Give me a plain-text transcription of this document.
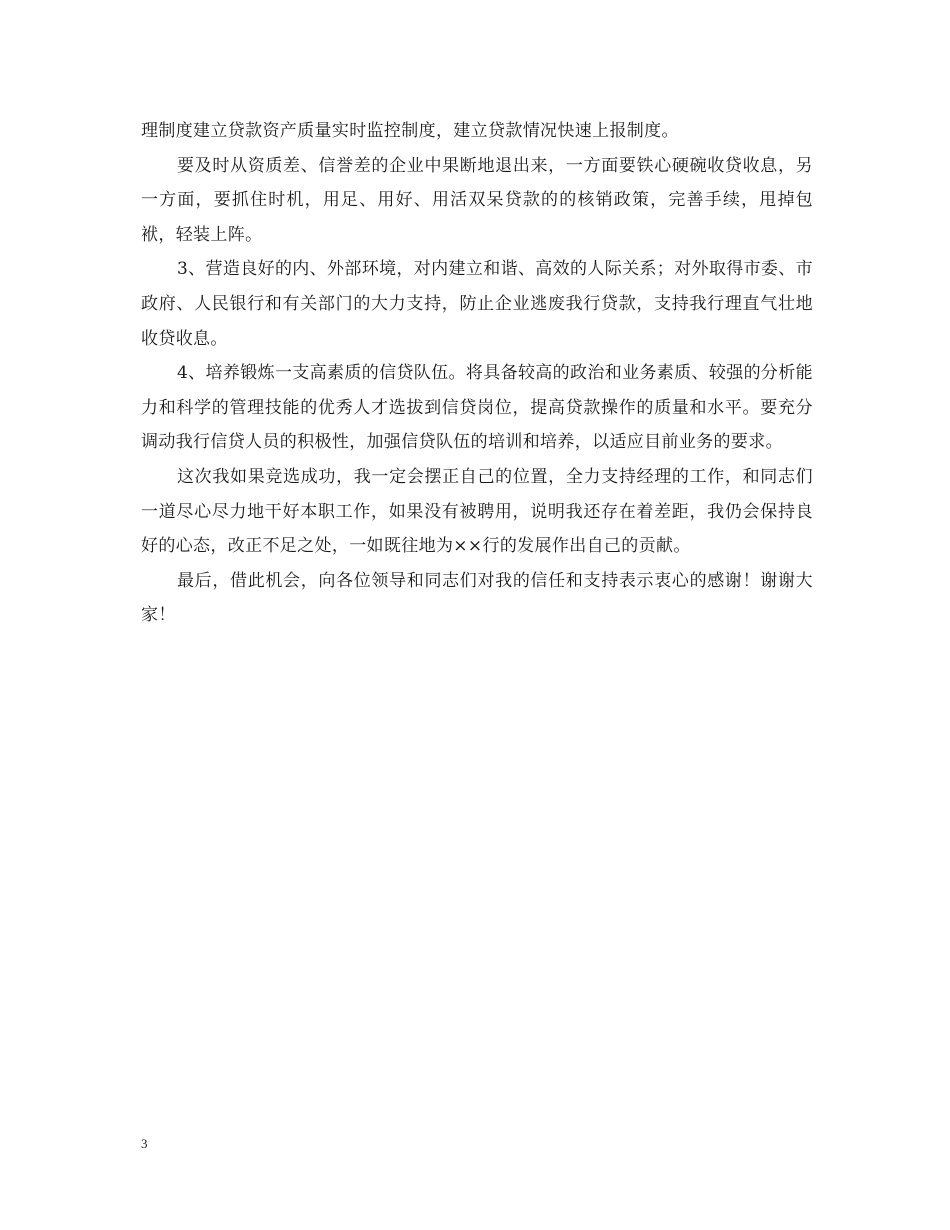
理制度建立贷款资产质量实时监控制度，建立贷款情况快速上报制度。

要及时从资质差、信誉差的企业中果断地退出来，一方面要铁心硬碗收贷收息，另一方面，要抓住时机，用足、用好、用活双呆贷款的的核销政策，完善手续，甩掉包袱，轻装上阵。

3、营造良好的内、外部环境，对内建立和谐、高效的人际关系；对外取得市委、市政府、人民银行和有关部门的大力支持，防止企业逃废我行贷款，支持我行理直气壮地收贷收息。

4、培养锻炼一支高素质的信贷队伍。将具备较高的政治和业务素质、较强的分析能力和科学的管理技能的优秀人才选拔到信贷岗位，提高贷款操作的质量和水平。要充分调动我行信贷人员的积极性，加强信贷队伍的培训和培养，以适应目前业务的要求。

这次我如果竞选成功，我一定会摆正自己的位置，全力支持经理的工作，和同志们一道尽心尽力地干好本职工作，如果没有被聘用，说明我还存在着差距，我仍会保持良好的心态，改正不足之处，一如既往地为××行的发展作出自己的贡献。

最后，借此机会，向各位领导和同志们对我的信任和支持表示衷心的感谢！谢谢大家！

3
